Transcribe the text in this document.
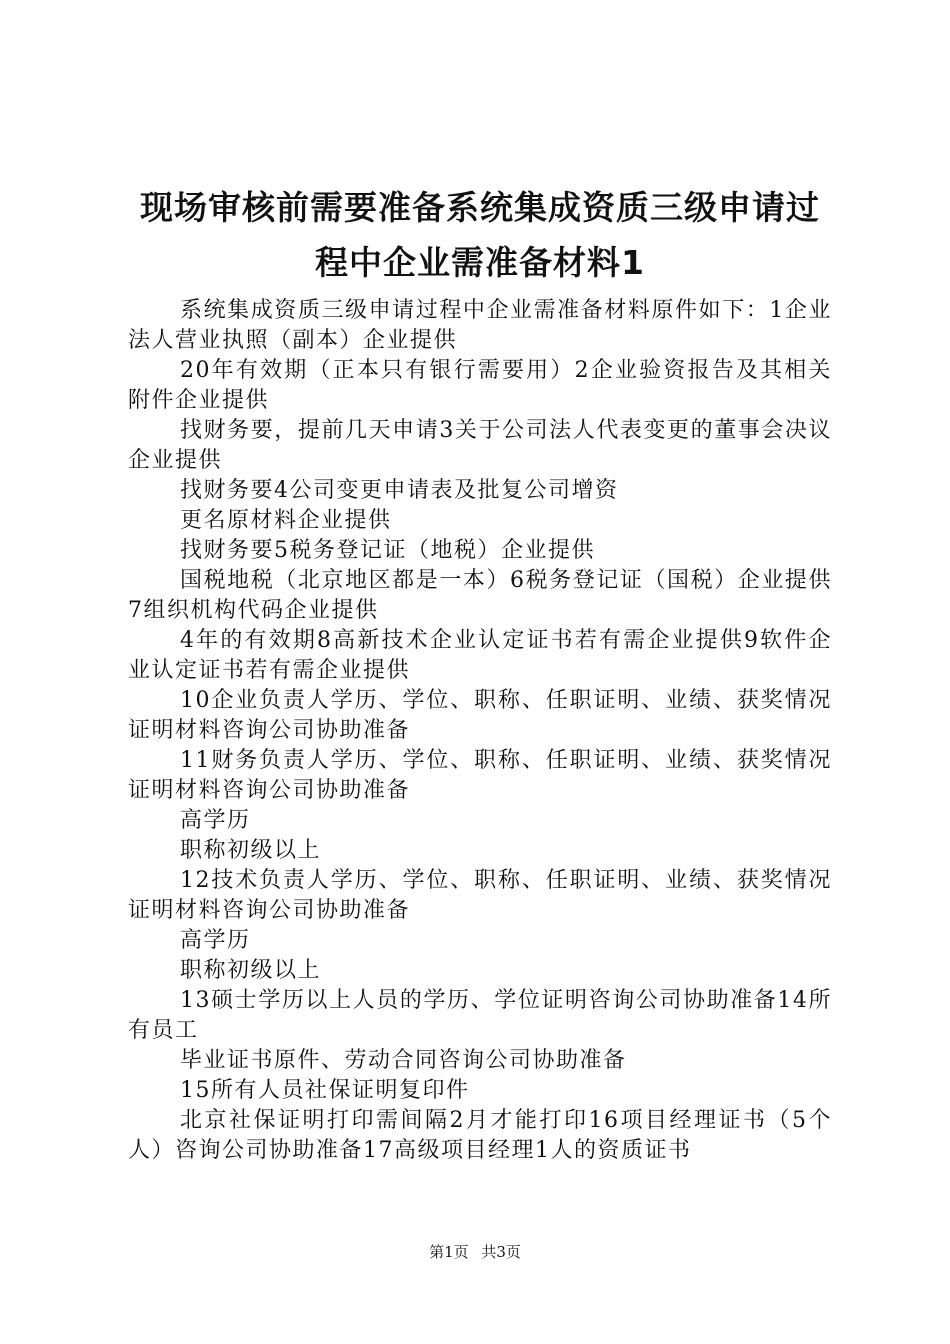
现场审核前需要准备系统集成资质三级申请过
程中企业需准备材料1

系统集成资质三级申请过程中企业需准备材料原件如下：1企业法人营业执照（副本）企业提供

20年有效期（正本只有银行需要用）2企业验资报告及其相关附件企业提供

找财务要，提前几天申请3关于公司法人代表变更的董事会决议企业提供

找财务要4公司变更申请表及批复公司增资

更名原材料企业提供

找财务要5税务登记证（地税）企业提供

国税地税（北京地区都是一本）6税务登记证（国税）企业提供7组织机构代码企业提供

4年的有效期8高新技术企业认定证书若有需企业提供9软件企业认定证书若有需企业提供

10企业负责人学历、学位、职称、任职证明、业绩、获奖情况证明材料咨询公司协助准备

11财务负责人学历、学位、职称、任职证明、业绩、获奖情况证明材料咨询公司协助准备

高学历

职称初级以上

12技术负责人学历、学位、职称、任职证明、业绩、获奖情况证明材料咨询公司协助准备

高学历

职称初级以上

13硕士学历以上人员的学历、学位证明咨询公司协助准备14所有员工

毕业证书原件、劳动合同咨询公司协助准备

15所有人员社保证明复印件

北京社保证明打印需间隔2月才能打印16项目经理证书（5个人）咨询公司协助准备17高级项目经理1人的资质证书

第1页 共3页
